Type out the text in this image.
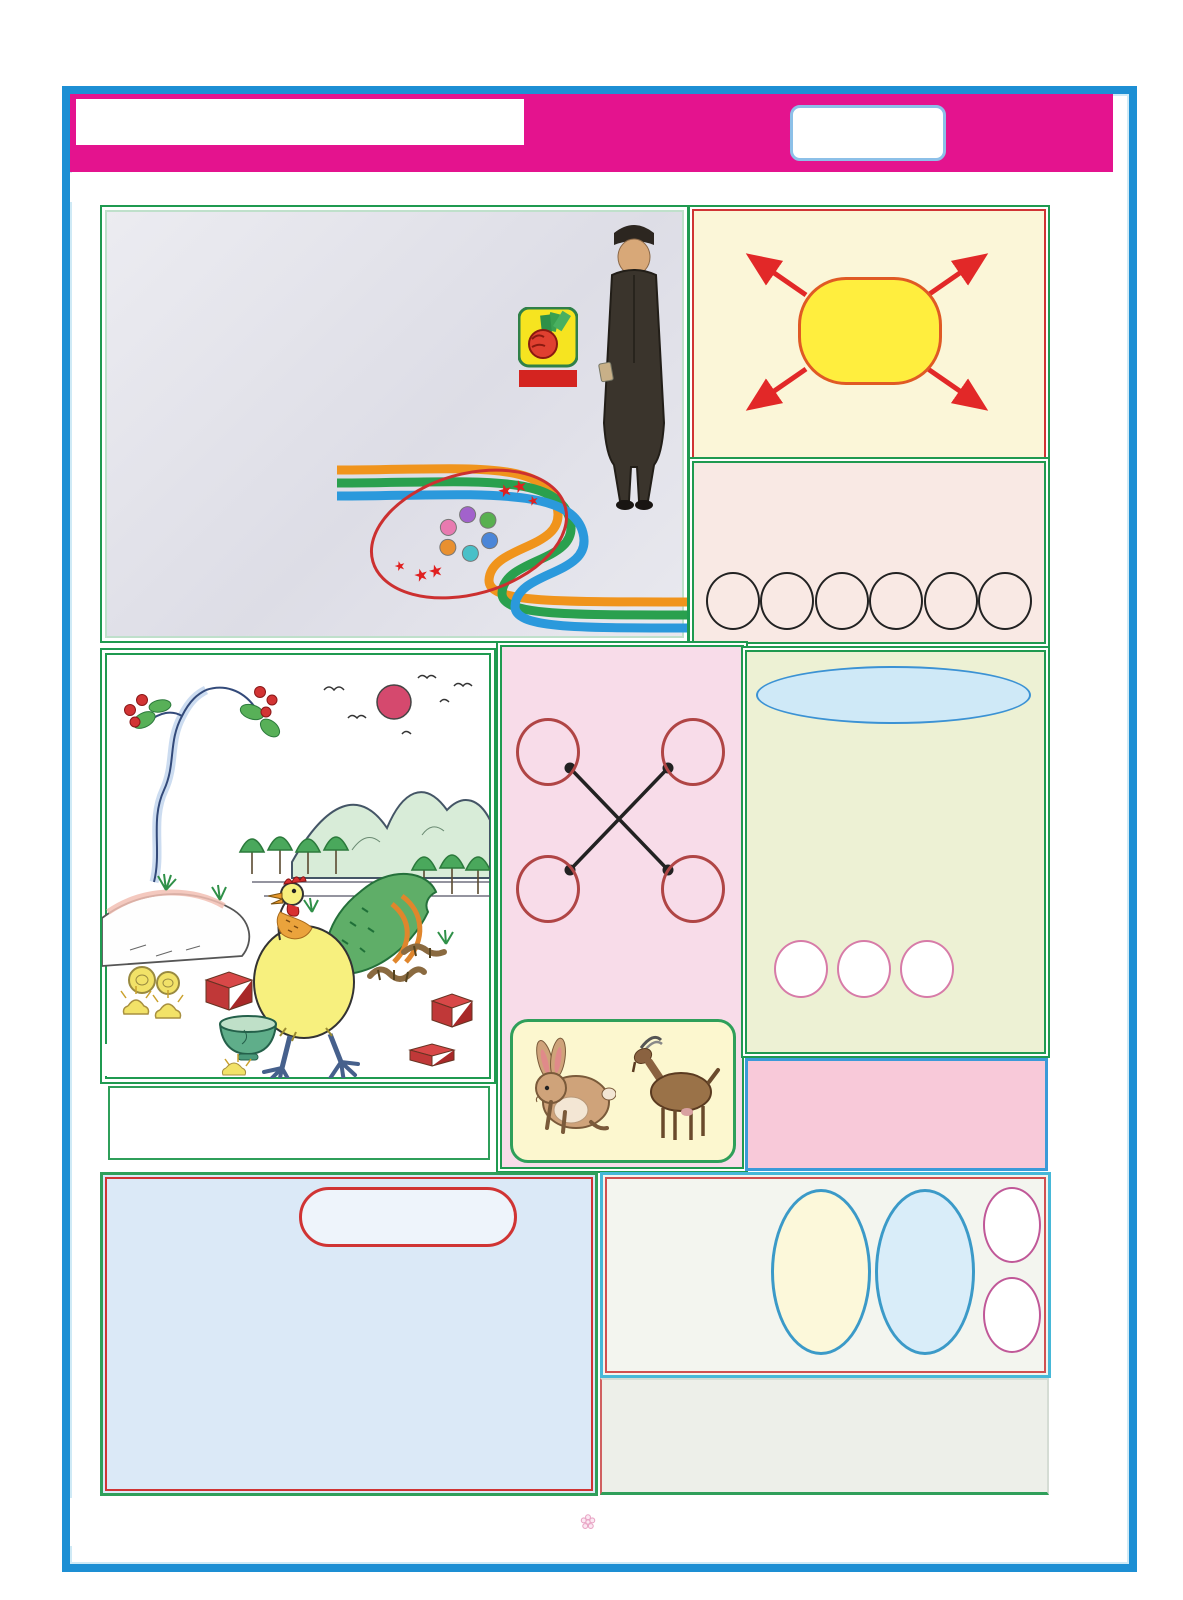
★★
★
★★
★
